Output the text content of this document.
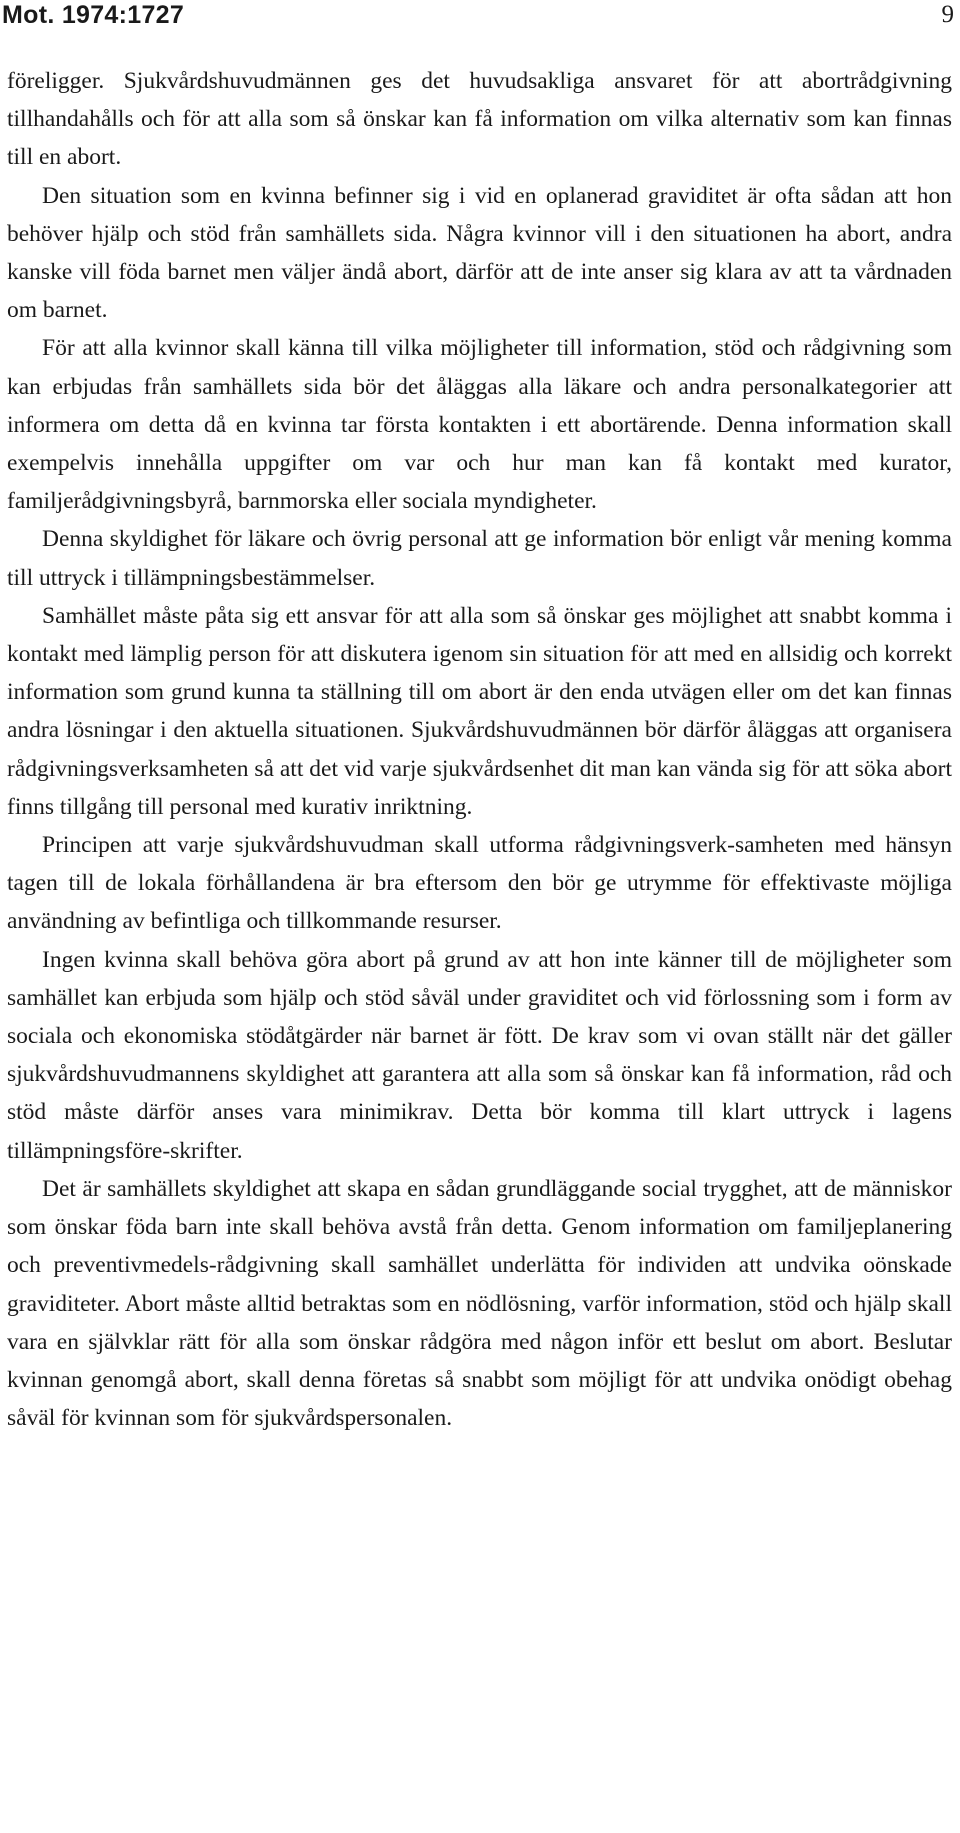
Mot. 1974:1727	9

föreligger. Sjukvårdshuvudmännen ges det huvudsakliga ansvaret för att abortrådgivning tillhandahålls och för att alla som så önskar kan få information om vilka alternativ som kan finnas till en abort.

Den situation som en kvinna befinner sig i vid en oplanerad graviditet är ofta sådan att hon behöver hjälp och stöd från samhällets sida. Några kvinnor vill i den situationen ha abort, andra kanske vill föda barnet men väljer ändå abort, därför att de inte anser sig klara av att ta vårdnaden om barnet.

För att alla kvinnor skall känna till vilka möjligheter till information, stöd och rådgivning som kan erbjudas från samhällets sida bör det åläggas alla läkare och andra personalkategorier att informera om detta då en kvinna tar första kontakten i ett abortärende. Denna information skall exempelvis innehålla uppgifter om var och hur man kan få kontakt med kurator, familjerådgivningsbyrå, barnmorska eller sociala myndigheter.

Denna skyldighet för läkare och övrig personal att ge information bör enligt vår mening komma till uttryck i tillämpningsbestämmelser.

Samhället måste påta sig ett ansvar för att alla som så önskar ges möjlighet att snabbt komma i kontakt med lämplig person för att diskutera igenom sin situation för att med en allsidig och korrekt information som grund kunna ta ställning till om abort är den enda utvägen eller om det kan finnas andra lösningar i den aktuella situationen. Sjukvårdshuvudmännen bör därför åläggas att organisera rådgivningsverksamheten så att det vid varje sjukvårdsenhet dit man kan vända sig för att söka abort finns tillgång till personal med kurativ inriktning.

Principen att varje sjukvårdshuvudman skall utforma rådgivningsverk-samheten med hänsyn tagen till de lokala förhållandena är bra eftersom den bör ge utrymme för effektivaste möjliga användning av befintliga och tillkommande resurser.

Ingen kvinna skall behöva göra abort på grund av att hon inte känner till de möjligheter som samhället kan erbjuda som hjälp och stöd såväl under graviditet och vid förlossning som i form av sociala och ekonomiska stödåtgärder när barnet är fött. De krav som vi ovan ställt när det gäller sjukvårdshuvudmannens skyldighet att garantera att alla som så önskar kan få information, råd och stöd måste därför anses vara minimikrav. Detta bör komma till klart uttryck i lagens tillämpningsföre-skrifter.

Det är samhällets skyldighet att skapa en sådan grundläggande social trygghet, att de människor som önskar föda barn inte skall behöva avstå från detta. Genom information om familjeplanering och preventivmedels-rådgivning skall samhället underlätta för individen att undvika oönskade graviditeter. Abort måste alltid betraktas som en nödlösning, varför information, stöd och hjälp skall vara en självklar rätt för alla som önskar rådgöra med någon inför ett beslut om abort. Beslutar kvinnan genomgå abort, skall denna företas så snabbt som möjligt för att undvika onödigt obehag såväl för kvinnan som för sjukvårdspersonalen.
